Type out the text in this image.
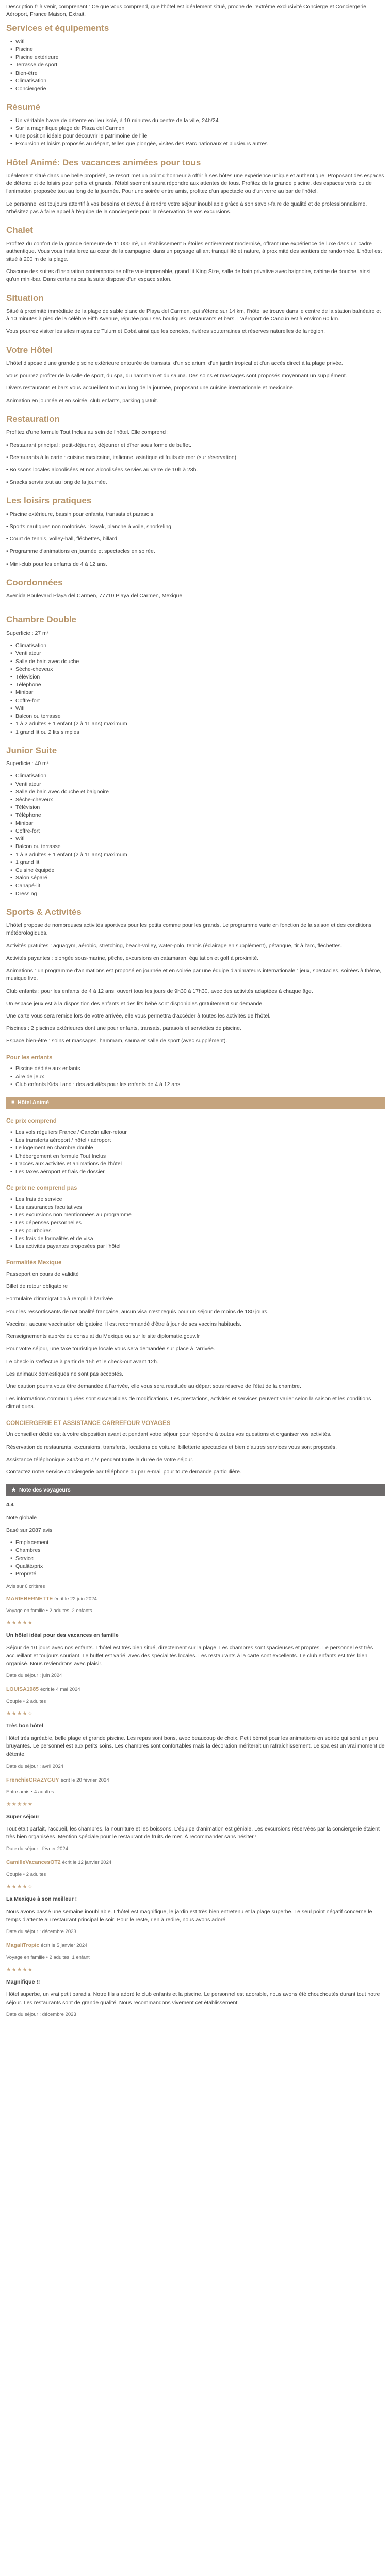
Description fr à venir, comprenant : Ce que vous comprend, que l'hôtel est idéalement situé, proche de l'extrême exclusivité Concierge et Conciergerie Aéroport, France Maison, Extrait.

Services et équipements
• Wifi
• Piscine
• Piscine extérieure
• Terrasse de sport
• Bien-être
• Climatisation
• Conciergerie
Résumé
• Un véritable havre de détente en lieu isolé, à 10 minutes du centre de la ville, 24h/24
• Sur la magnifique plage de Plaza del Carmen
• Une position idéale pour découvrir le patrimoine de l'île
• Excursion et loisirs proposés au départ, telles que plongée, visites des Parc nationaux et plusieurs autres
Hôtel Animé: Des vacances animées pour tous

Idéalement situé dans une belle propriété, ce resort met un point d'honneur à offrir à ses hôtes une expérience unique et authentique. Proposant des espaces de détente et de loisirs pour petits et grands, l'établissement saura répondre aux attentes de tous. Profitez de la grande piscine, des espaces verts ou de l'animation proposée tout au long de la journée. Pour une soirée entre amis, profitez d'un spectacle ou d'un verre au bar de l'hôtel.

Le personnel est toujours attentif à vos besoins et dévoué à rendre votre séjour inoubliable grâce à son savoir-faire de qualité et de professionnalisme. N'hésitez pas à faire appel à l'équipe de la conciergerie pour la réservation de vos excursions.

Chalet

Profitez du confort de la grande demeure de 11 000 m², un établissement 5 étoiles entièrement modernisé, offrant une expérience de luxe dans un cadre authentique. Vous vous installerez au cœur de la campagne, dans un paysage alliant tranquillité et nature, à proximité des sentiers de randonnée. L'hôtel est situé à 200 m de la plage.

Chacune des suites d'inspiration contemporaine offre vue imprenable, grand lit King Size, salle de bain privative avec baignoire, cabine de douche, ainsi qu'un mini-bar. Dans certains cas la suite dispose d'un espace salon.

Situation

Situé à proximité immédiate de la plage de sable blanc de Playa del Carmen, qui s'étend sur 14 km, l'hôtel se trouve dans le centre de la station balnéaire et à 10 minutes à pied de la célèbre Fifth Avenue, réputée pour ses boutiques, restaurants et bars. L'aéroport de Cancún est à environ 60 km.

Vous pourrez visiter les sites mayas de Tulum et Cobá ainsi que les cenotes, rivières souterraines et réserves naturelles de la région.

Votre Hôtel

L'hôtel dispose d'une grande piscine extérieure entourée de transats, d'un solarium, d'un jardin tropical et d'un accès direct à la plage privée.

Vous pourrez profiter de la salle de sport, du spa, du hammam et du sauna. Des soins et massages sont proposés moyennant un supplément.

Divers restaurants et bars vous accueillent tout au long de la journée, proposant une cuisine internationale et mexicaine.

Animation en journée et en soirée, club enfants, parking gratuit.

Restauration

Profitez d'une formule Tout Inclus au sein de l'hôtel. Elle comprend :

• Restaurant principal : petit-déjeuner, déjeuner et dîner sous forme de buffet.

• Restaurants à la carte : cuisine mexicaine, italienne, asiatique et fruits de mer (sur réservation).

• Boissons locales alcoolisées et non alcoolisées servies au verre de 10h à 23h.

• Snacks servis tout au long de la journée.

Les loisirs pratiques

• Piscine extérieure, bassin pour enfants, transats et parasols.

• Sports nautiques non motorisés : kayak, planche à voile, snorkeling.

• Court de tennis, volley-ball, fléchettes, billard.

• Programme d'animations en journée et spectacles en soirée.

• Mini-club pour les enfants de 4 à 12 ans.

Coordonnées

Avenida Boulevard Playa del Carmen, 77710 Playa del Carmen, Mexique

Chambre Double

Superficie : 27 m²

• Climatisation
• Ventilateur
• Salle de bain avec douche
• Sèche-cheveux
• Télévision
• Téléphone
• Minibar
• Coffre-fort
• Wifi
• Balcon ou terrasse
• 1 à 2 adultes + 1 enfant (2 à 11 ans) maximum
• 1 grand lit ou 2 lits simples
Junior Suite

Superficie : 40 m²

• Climatisation
• Ventilateur
• Salle de bain avec douche et baignoire
• Sèche-cheveux
• Télévision
• Téléphone
• Minibar
• Coffre-fort
• Wifi
• Balcon ou terrasse
• 1 à 3 adultes + 1 enfant (2 à 11 ans) maximum
• 1 grand lit
• Cuisine équipée
• Salon séparé
• Canapé-lit
• Dressing
Sports & Activités

L'hôtel propose de nombreuses activités sportives pour les petits comme pour les grands. Le programme varie en fonction de la saison et des conditions météorologiques.

Activités gratuites : aquagym, aérobic, stretching, beach-volley, water-polo, tennis (éclairage en supplément), pétanque, tir à l'arc, fléchettes.

Activités payantes : plongée sous-marine, pêche, excursions en catamaran, équitation et golf à proximité.

Animations : un programme d'animations est proposé en journée et en soirée par une équipe d'animateurs internationale : jeux, spectacles, soirées à thème, musique live.

Club enfants : pour les enfants de 4 à 12 ans, ouvert tous les jours de 9h30 à 17h30, avec des activités adaptées à chaque âge.

Un espace jeux est à la disposition des enfants et des lits bébé sont disponibles gratuitement sur demande.

Une carte vous sera remise lors de votre arrivée, elle vous permettra d'accéder à toutes les activités de l'hôtel.

Piscines : 2 piscines extérieures dont une pour enfants, transats, parasols et serviettes de piscine.

Espace bien-être : soins et massages, hammam, sauna et salle de sport (avec supplément).

Pour les enfants
• Piscine dédiée aux enfants
• Aire de jeux
• Club enfants Kids Land : des activités pour les enfants de 4 à 12 ans
■ Hôtel Animé
Ce prix comprend
• Les vols réguliers France / Cancún aller-retour
• Les transferts aéroport / hôtel / aéroport
• Le logement en chambre double
• L'hébergement en formule Tout Inclus
• L'accès aux activités et animations de l'hôtel
• Les taxes aéroport et frais de dossier
Ce prix ne comprend pas
• Les frais de service
• Les assurances facultatives
• Les excursions non mentionnées au programme
• Les dépenses personnelles
• Les pourboires
• Les frais de formalités et de visa
• Les activités payantes proposées par l'hôtel
Formalités Mexique

Passeport en cours de validité

Billet de retour obligatoire

Formulaire d'immigration à remplir à l'arrivée

Pour les ressortissants de nationalité française, aucun visa n'est requis pour un séjour de moins de 180 jours.

Vaccins : aucune vaccination obligatoire. Il est recommandé d'être à jour de ses vaccins habituels.

Renseignements auprès du consulat du Mexique ou sur le site diplomatie.gouv.fr

Pour votre séjour, une taxe touristique locale vous sera demandée sur place à l'arrivée.

Le check-in s'effectue à partir de 15h et le check-out avant 12h.

Les animaux domestiques ne sont pas acceptés.

Une caution pourra vous être demandée à l'arrivée, elle vous sera restituée au départ sous réserve de l'état de la chambre.

Les informations communiquées sont susceptibles de modifications. Les prestations, activités et services peuvent varier selon la saison et les conditions climatiques.

CONCIERGERIE ET ASSISTANCE CARREFOUR VOYAGES

Un conseiller dédié est à votre disposition avant et pendant votre séjour pour répondre à toutes vos questions et organiser vos activités.

Réservation de restaurants, excursions, transferts, locations de voiture, billetterie spectacles et bien d'autres services vous sont proposés.

Assistance téléphonique 24h/24 et 7j/7 pendant toute la durée de votre séjour.

Contactez notre service conciergerie par téléphone ou par e-mail pour toute demande particulière.

★ Note des voyageurs

4,4

Note globale

Basé sur 2087 avis

• Emplacement
• Chambres
• Service
• Qualité/prix
• Propreté

Avis sur 6 critères

MARIEBERNETTE écrit le 22 juin 2024

Voyage en famille • 2 adultes, 2 enfants

★★★★★

Un hôtel idéal pour des vacances en famille

Séjour de 10 jours avec nos enfants. L'hôtel est très bien situé, directement sur la plage. Les chambres sont spacieuses et propres. Le personnel est très accueillant et toujours souriant. Le buffet est varié, avec des spécialités locales. Les restaurants à la carte sont excellents. Le club enfants est très bien organisé. Nous reviendrons avec plaisir.

Date du séjour : juin 2024

LOUISA1985 écrit le 4 mai 2024

Couple • 2 adultes

★★★★☆

Très bon hôtel

Hôtel très agréable, belle plage et grande piscine. Les repas sont bons, avec beaucoup de choix. Petit bémol pour les animations en soirée qui sont un peu bruyantes. Le personnel est aux petits soins. Les chambres sont confortables mais la décoration mériterait un rafraîchissement. Le spa est un vrai moment de détente.

Date du séjour : avril 2024

FrenchieCRAZYGUY écrit le 20 février 2024

Entre amis • 4 adultes

★★★★★

Super séjour

Tout était parfait, l'accueil, les chambres, la nourriture et les boissons. L'équipe d'animation est géniale. Les excursions réservées par la conciergerie étaient très bien organisées. Mention spéciale pour le restaurant de fruits de mer. À recommander sans hésiter !

Date du séjour : février 2024

CamilleVacancesOT2 écrit le 12 janvier 2024

Couple • 2 adultes

★★★★☆

La Mexique à son meilleur !

Nous avons passé une semaine inoubliable. L'hôtel est magnifique, le jardin est très bien entretenu et la plage superbe. Le seul point négatif concerne le temps d'attente au restaurant principal le soir. Pour le reste, rien à redire, nous avons adoré.

Date du séjour : décembre 2023

MagaliTropic écrit le 5 janvier 2024

Voyage en famille • 2 adultes, 1 enfant

★★★★★

Magnifique !!

Hôtel superbe, un vrai petit paradis. Notre fils a adoré le club enfants et la piscine. Le personnel est adorable, nous avons été chouchoutés durant tout notre séjour. Les restaurants sont de grande qualité. Nous recommandons vivement cet établissement.

Date du séjour : décembre 2023
